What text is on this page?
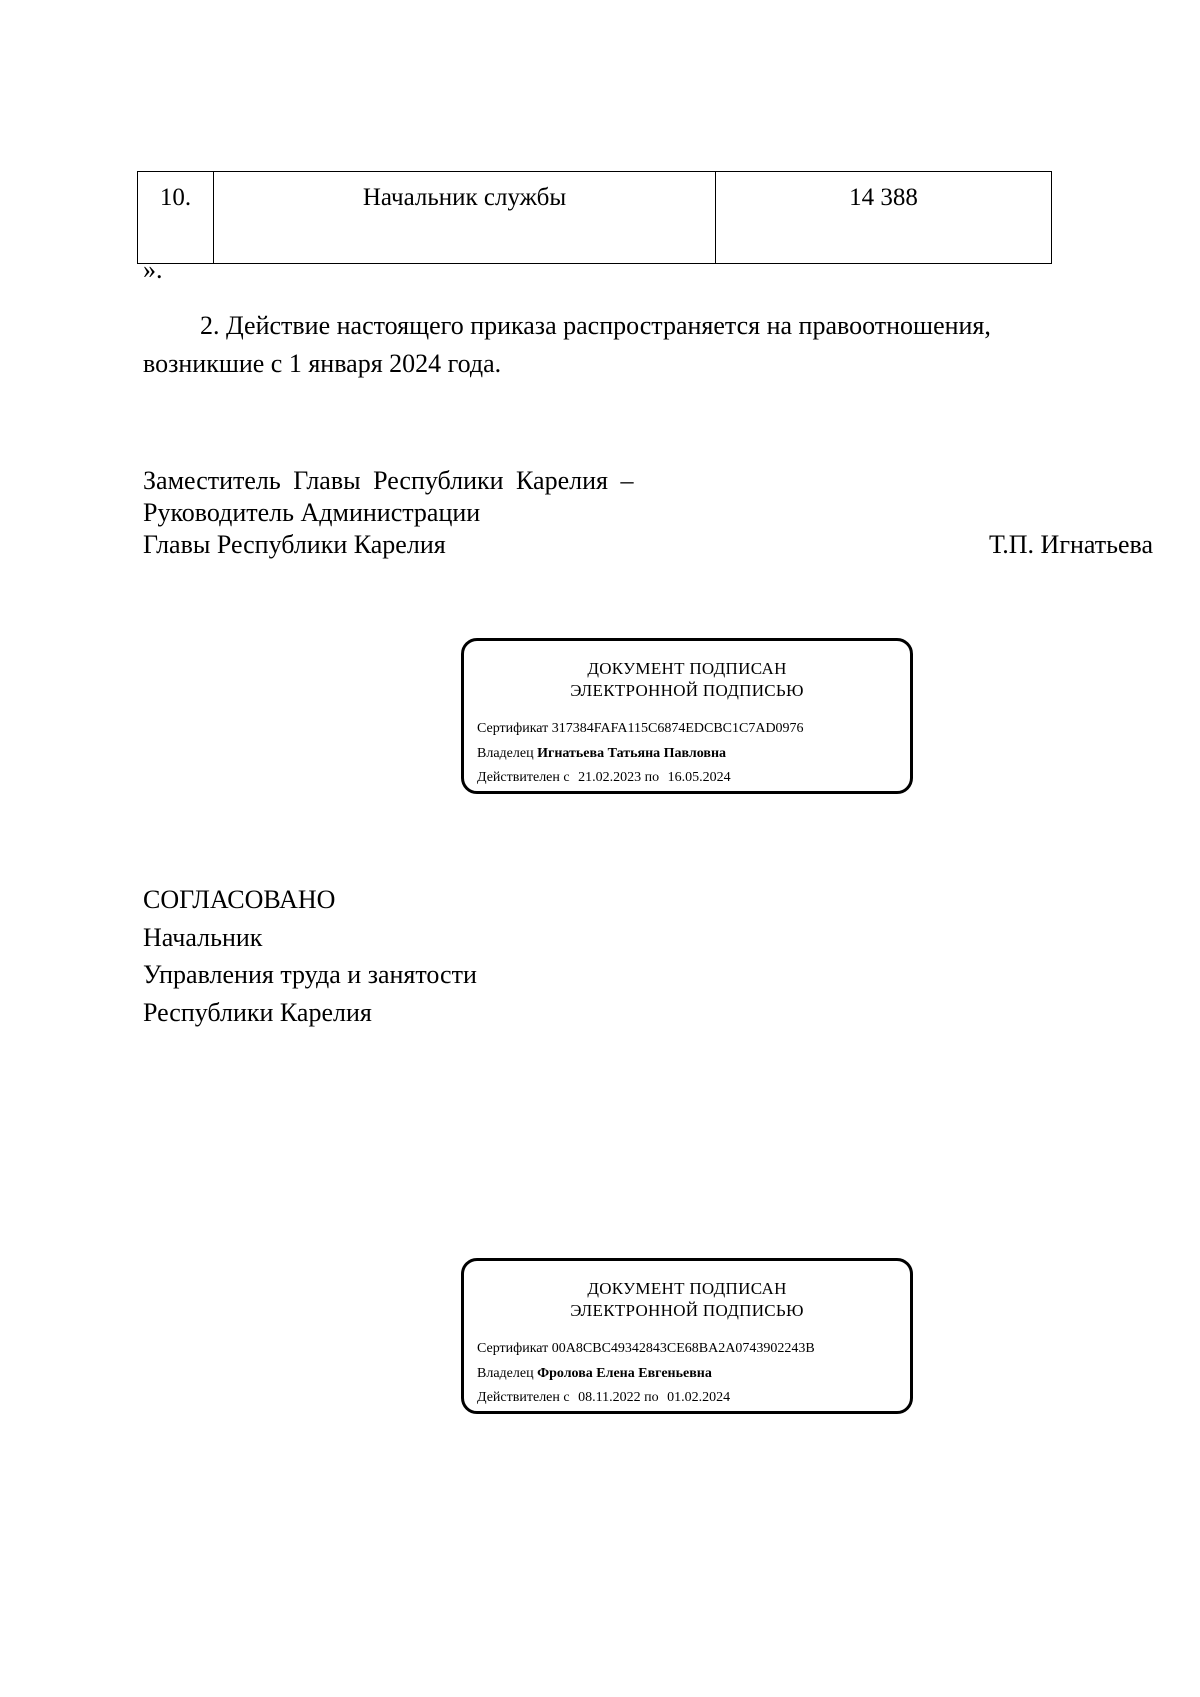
10.	Начальник службы	14 388
».
2. Действие настоящего приказа распространяется на правоотношения,
возникшие с 1 января 2024 года.
Заместитель Главы Республики Карелия –
Руководитель Администрации
Главы Республики Карелия	Т.П. Игнатьева
ДОКУМЕНТ ПОДПИСАН
ЭЛЕКТРОННОЙ ПОДПИСЬЮ
Сертификат 317384FAFA115C6874EDCBC1C7AD0976
Владелец Игнатьева Татьяна Павловна
Действителен с 21.02.2023 по 16.05.2024
СОГЛАСОВАНО
Начальник
Управления труда и занятости
Республики Карелия
ДОКУМЕНТ ПОДПИСАН
ЭЛЕКТРОННОЙ ПОДПИСЬЮ
Сертификат 00A8CBC49342843CE68BA2A0743902243B
Владелец Фролова Елена Евгеньевна
Действителен с 08.11.2022 по 01.02.2024
